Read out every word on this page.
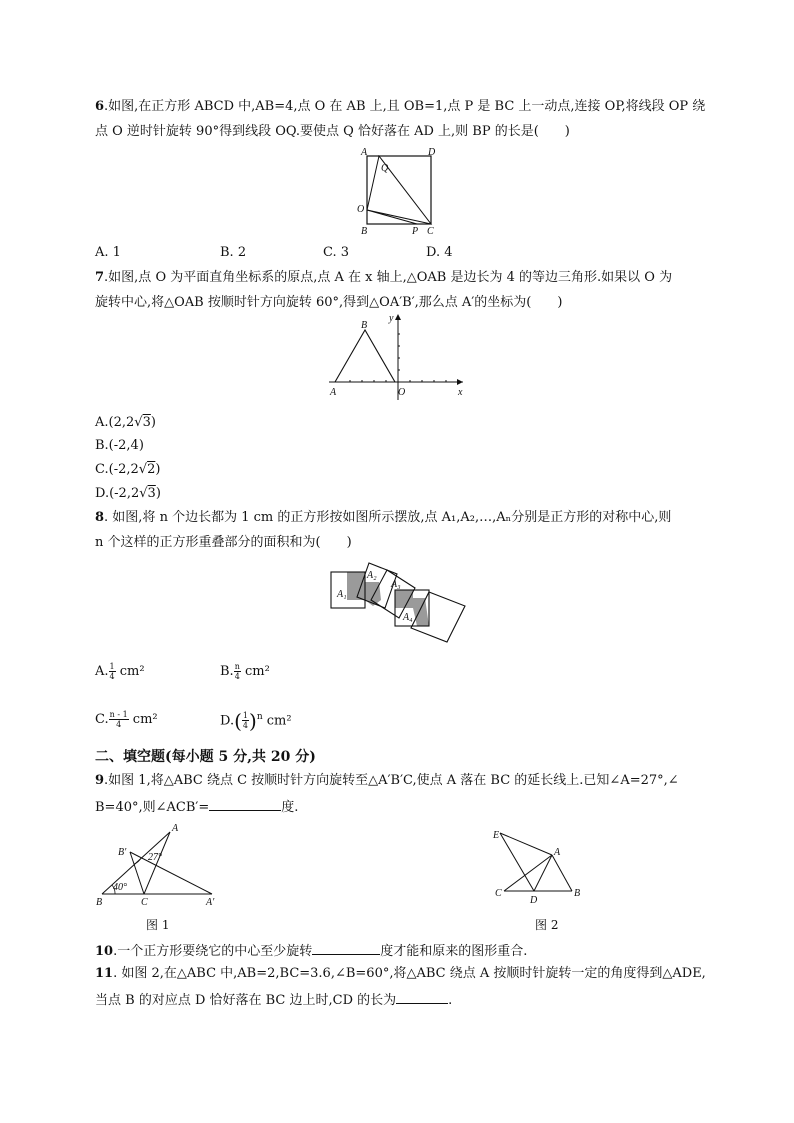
6.如图,在正方形 ABCD 中,AB=4,点 O 在 AB 上,且 OB=1,点 P 是 BC 上一动点,连接 OP,将线段 OP 绕
点 O 逆时针旋转 90°得到线段 OQ.要使点 Q 恰好落在 AD 上,则 BP 的长是(　　)
A	D
Q
O
B	P C
A. 1	B. 2	C. 3	D. 4
7.如图,点 O 为平面直角坐标系的原点,点 A 在 x 轴上,△OAB 是边长为 4 的等边三角形.如果以 O 为
旋转中心,将△OAB 按顺时针方向旋转 60°,得到△OA′B′,那么点 A′的坐标为(　　)
B
A	O	x
y
A.(2,2√3)
B.(-2,4)
C.(-2,2√2)
D.(-2,2√3)
8. 如图,将 n 个边长都为 1 cm 的正方形按如图所示摆放,点 A₁,A₂,…,Aₙ分别是正方形的对称中心,则
n 个这样的正方形重叠部分的面积和为(　　)
A₁
A₂
A₃
A₄
A. $\frac{1}{4} cm^2$	B. $\frac{n}{4} cm^2$
C. $\frac{n - 1}{4} cm^2$	$D.( \frac{1}{4} )^n$ cm²
二、填空题(每小题 5 分,共 20 分)
9.如图 1,将△ABC 绕点 C 按顺时针方向旋转至△A′B′C,使点 A 落在 BC 的延长线上.已知∠A=27°,∠
B=40°,则∠ACB′=	度.
A
B′ 27°
40°
B	C	A′
图 1
E
A
C
D
B
图 2
10.一个正方形要绕它的中心至少旋转	度才能和原来的图形重合.
11. 如图 2,在△ABC 中,AB=2,BC=3.6,∠B=60°,将△ABC 绕点 A 按顺时针旋转一定的角度得到△ADE,
当点 B 的对应点 D 恰好落在 BC 边上时,CD 的长为	.
